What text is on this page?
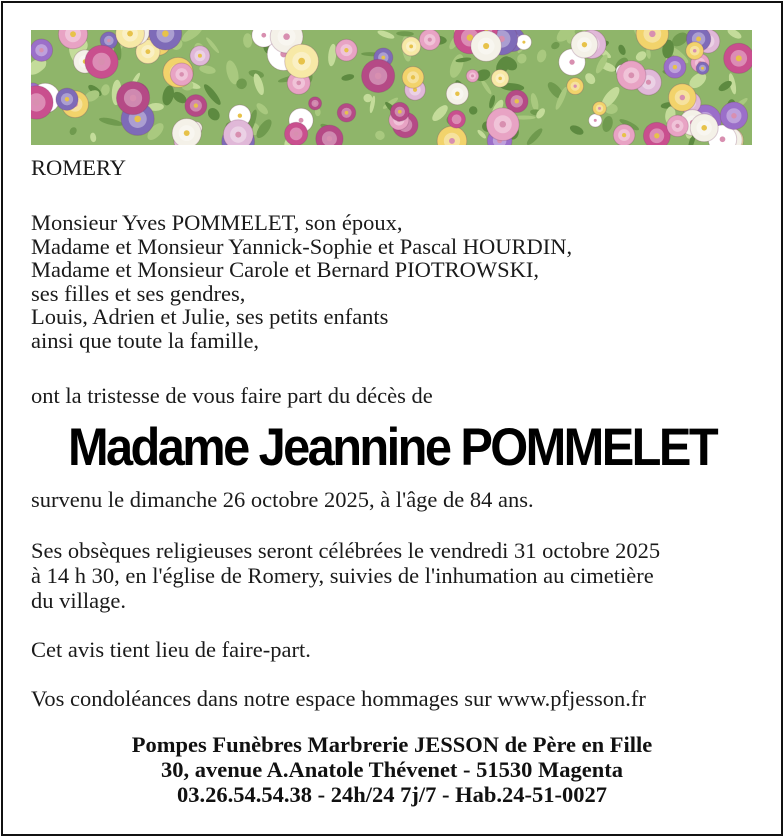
ROMERY
Monsieur Yves POMMELET, son époux,
Madame et Monsieur Yannick-Sophie et Pascal HOURDIN,
Madame et Monsieur Carole et Bernard PIOTROWSKI,
ses filles et ses gendres,
Louis, Adrien et Julie, ses petits enfants
ainsi que toute la famille,
ont la tristesse de vous faire part du décès de
Madame Jeannine POMMELET
survenu le dimanche 26 octobre 2025, à l'âge de 84 ans.
Ses obsèques religieuses seront célébrées le vendredi 31 octobre 2025
à 14 h 30, en l'église de Romery, suivies de l'inhumation au cimetière
du village.
Cet avis tient lieu de faire-part.
Vos condoléances dans notre espace hommages sur www.pfjesson.fr
Pompes Funèbres Marbrerie JESSON de Père en Fille
30, avenue A.Anatole Thévenet - 51530 Magenta
03.26.54.54.38 - 24h/24 7j/7 - Hab.24-51-0027
